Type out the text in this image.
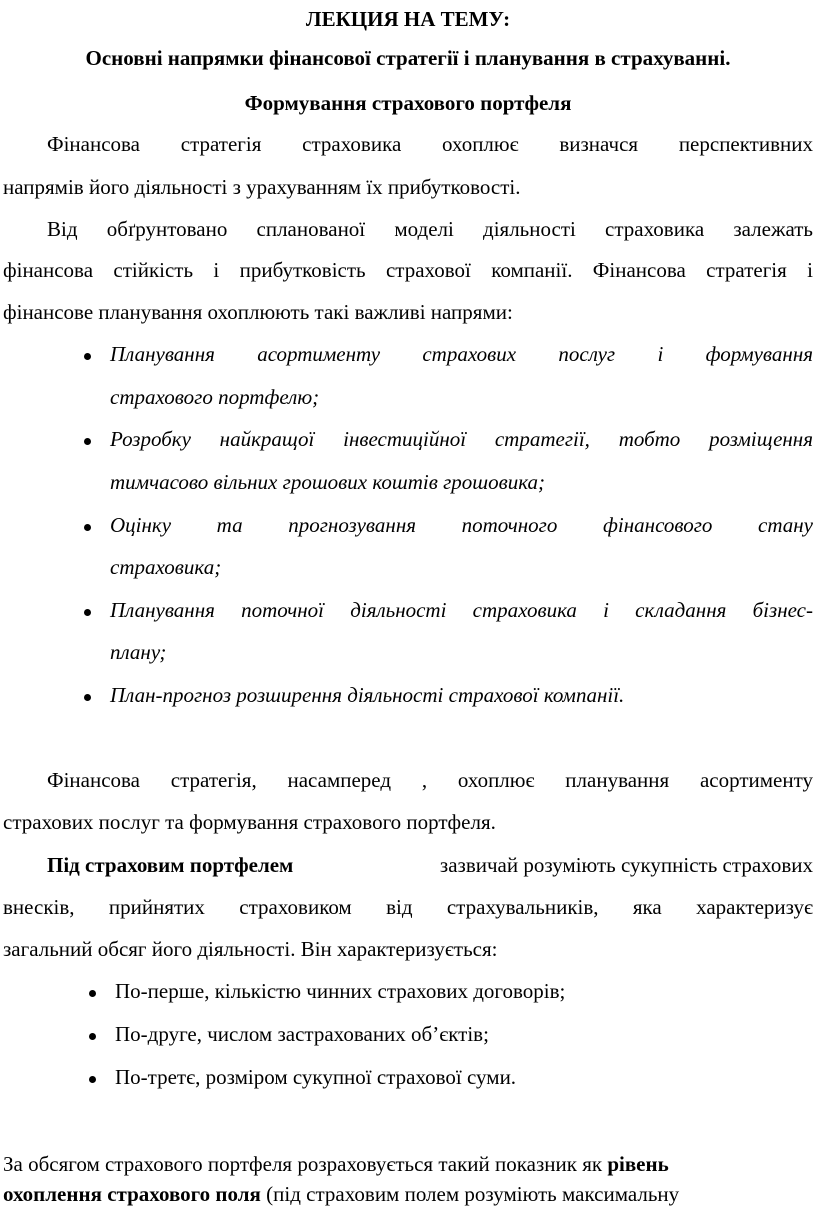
ЛЕКЦИЯ НА ТЕМУ:
Основні напрямки фінансової стратегії і планування в страхуванні.
Формування страхового портфеля
Фінансова стратегія страховика охоплює визначся перспективних
напрямів його діяльності з урахуванням їх прибутковості.
Від обґрунтовано спланованої моделі діяльності страховика залежать
фінансова стійкість і прибутковість страхової компанії. Фінансова стратегія і
фінансове планування охоплюють такі важливі напрями:
Планування асортименту страхових послуг і формування
страхового портфелю;
Розробку найкращої інвестиційної стратегії, тобто розміщення
тимчасово вільних грошових коштів грошовика;
Оцінку та прогнозування поточного фінансового стану
страховика;
Планування поточної діяльності страховика і складання бізнес-
плану;
План-прогноз розширення діяльності страхової компанії.
Фінансова стратегія, насамперед , охоплює планування асортименту
страхових послуг та формування страхового портфеля.
Під страховим портфелем	зазвичай розуміють сукупність страхових
внесків, прийнятих страховиком від страхувальників, яка характеризує
загальний обсяг його діяльності. Він характеризується:
По-перше, кількістю чинних страхових договорів;
По-друге, числом застрахованих об’єктів;
По-третє, розміром сукупної страхової суми.
За обсягом страхового портфеля розраховується такий показник як рівень
охоплення страхового поля (під страховим полем розуміють максимальну
